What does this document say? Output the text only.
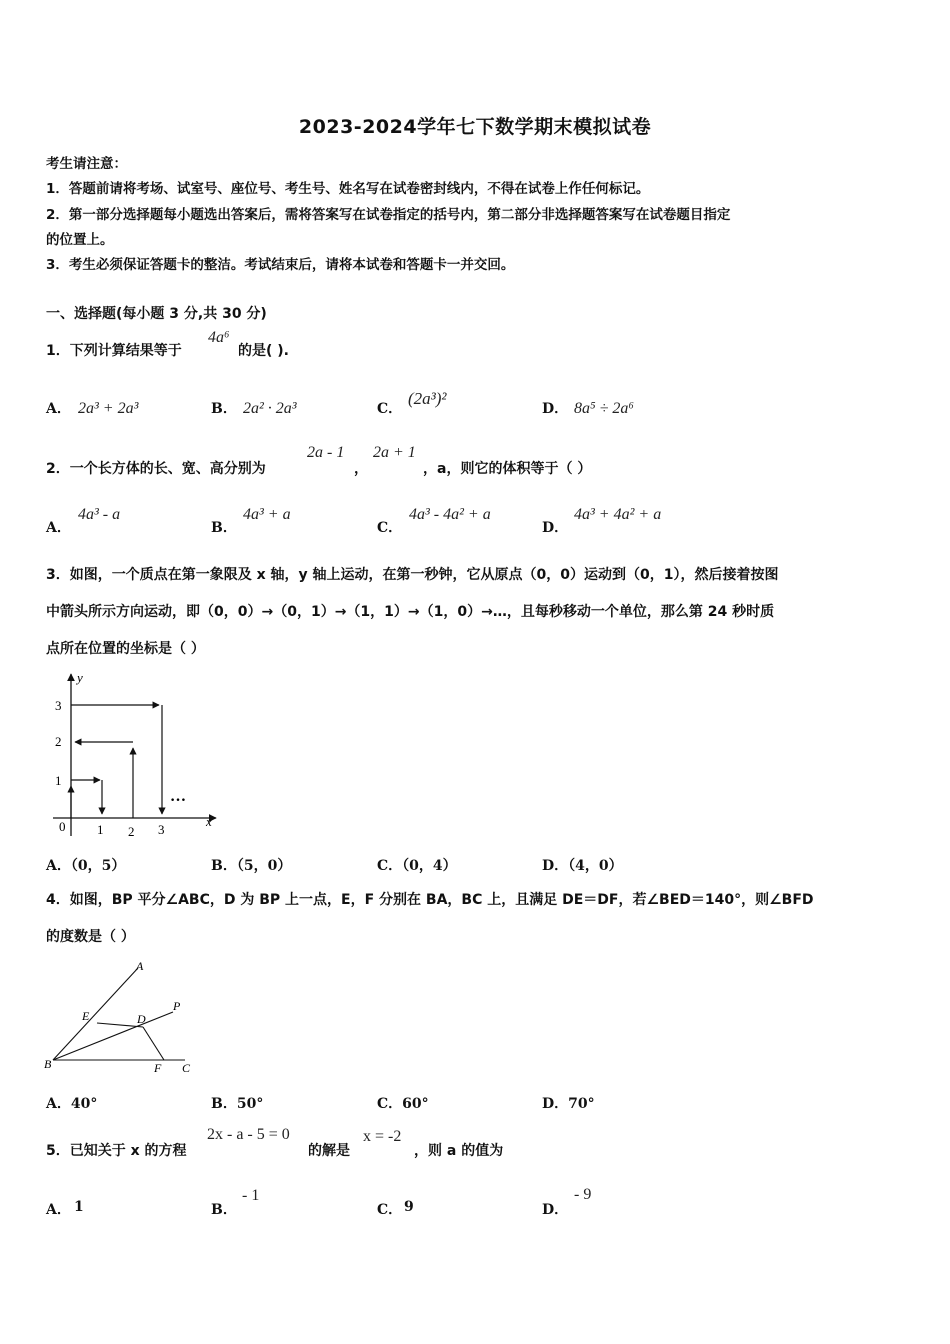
2023-2024学年七下数学期末模拟试卷
考生请注意：
1．答题前请将考场、试室号、座位号、考生号、姓名写在试卷密封线内，不得在试卷上作任何标记。
2．第一部分选择题每小题选出答案后，需将答案写在试卷指定的括号内，第二部分非选择题答案写在试卷题目指定
的位置上。
3．考生必须保证答题卡的整洁。考试结束后，请将本试卷和答题卡一并交回。
一、选择题(每小题 3 分,共 30 分)
1．下列计算结果等于
4a⁶
的是( ).
A． 2a³ + 2a³	B． 2a² · 2a³	C．
(2a³)²
D． 8a⁵ ÷ 2a⁶
2．一个长方体的长、宽、高分别为
2a - 1
，
2a + 1
，a，则它的体积等于（ ）
A．
4a³ - a
B．
4a³ + a
C．
4a³ - 4a² + a
D．
4a³ + 4a² + a
3．如图，一个质点在第一象限及 x 轴，y 轴上运动，在第一秒钟，它从原点（0，0）运动到（0，1），然后接着按图
中箭头所示方向运动，即（0，0）→（0，1）→（1，1）→（1，0）→…，且每秒移动一个单位，那么第 24 秒时质
点所在位置的坐标是（ ）
y
x
0
1
2
3
1 2 3
…
A．（0，5）	B．（5，0）	C．（0，4）	D．（4，0）
4．如图，BP 平分∠ABC，D 为 BP 上一点，E，F 分别在 BA，BC 上，且满足 DE＝DF，若∠BED＝140°，则∠BFD
的度数是（ ）
A
B	C
D
E
F
P
A．40°	B．50°	C．60°	D．70°
5．已知关于 x 的方程
2x - a - 5 = 0
的解是
x = -2
，则 a 的值为
A． 1	B．
- 1
C． 9	D．
- 9
